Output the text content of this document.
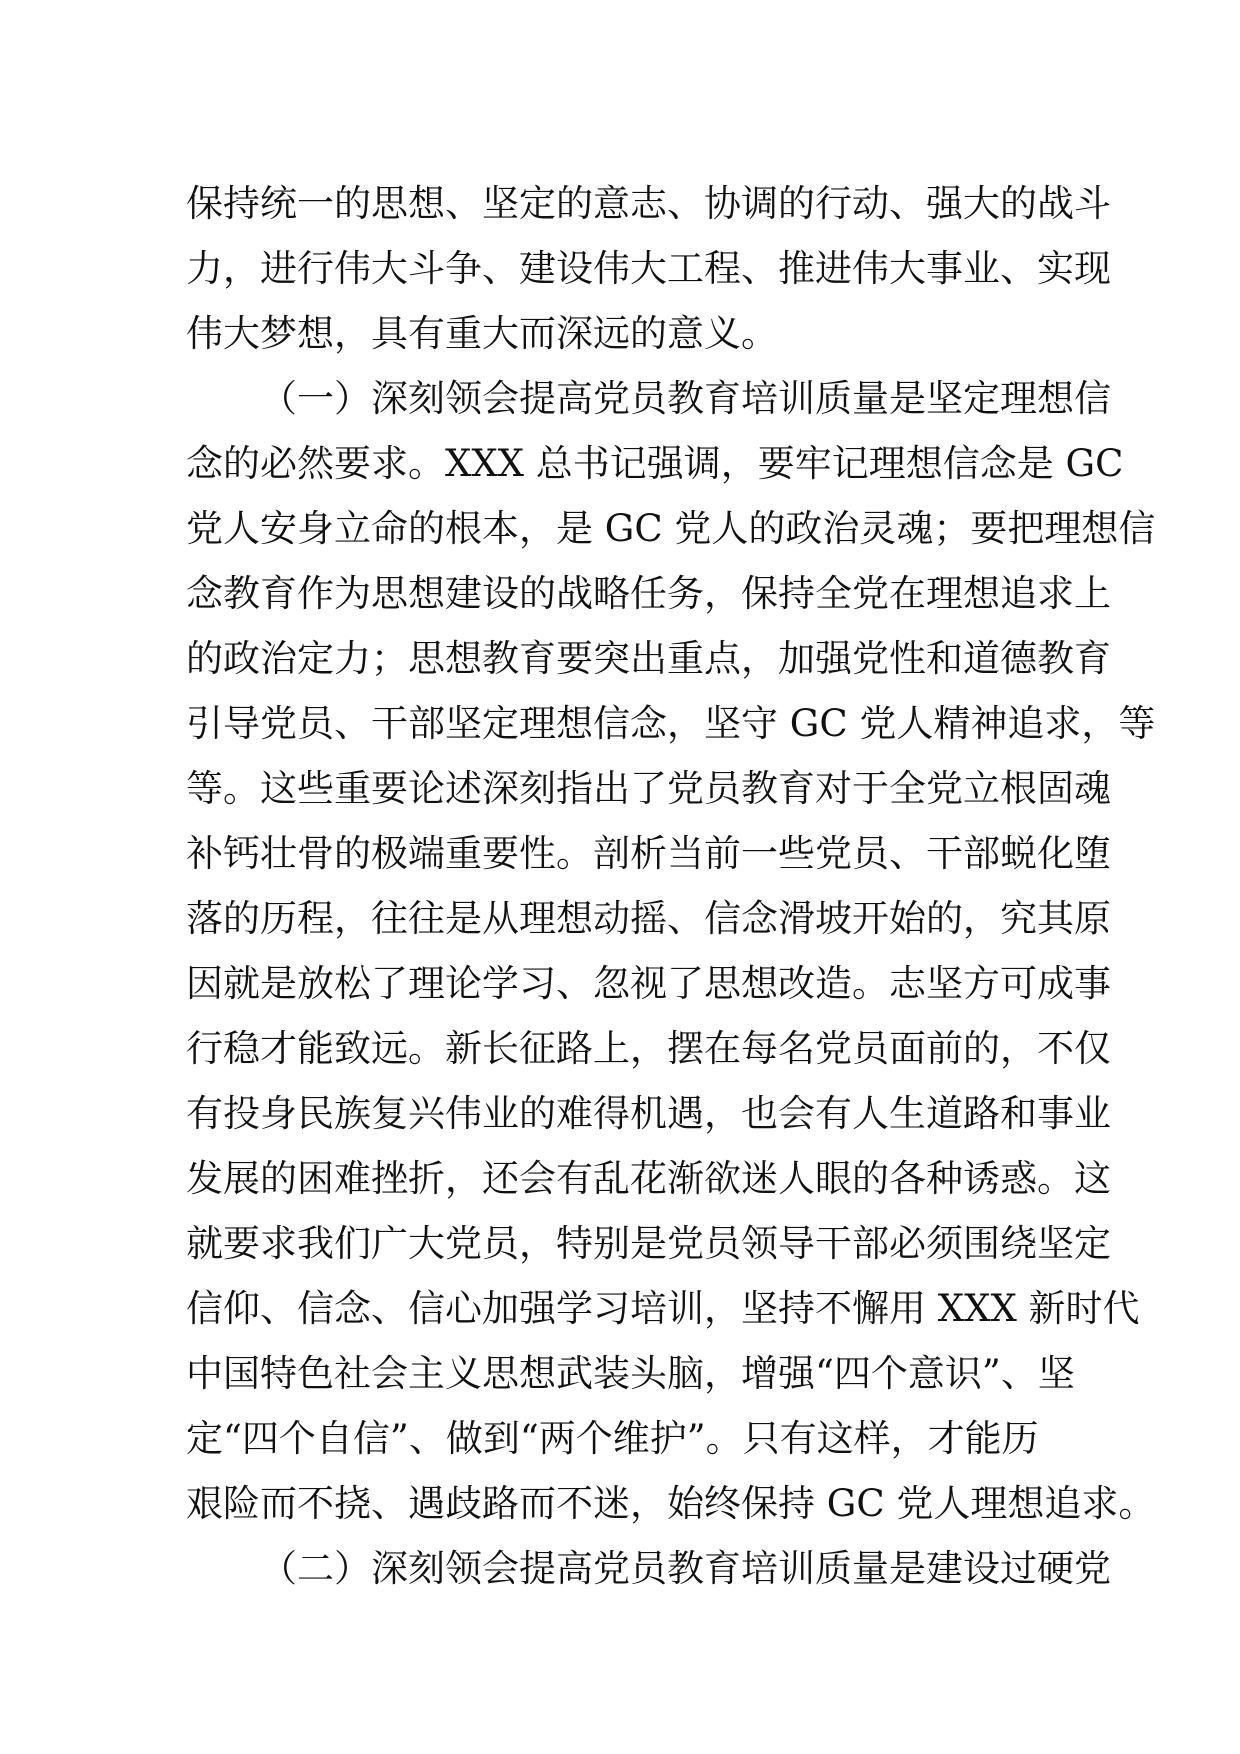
保持统一的思想、坚定的意志、协调的行动、强大的战斗

力，进行伟大斗争、建设伟大工程、推进伟大事业、实现

伟大梦想，具有重大而深远的意义。

（一）深刻领会提高党员教育培训质量是坚定理想信

念的必然要求。XXX 总书记强调，要牢记理想信念是 GC

党人安身立命的根本，是 GC 党人的政治灵魂；要把理想信

念教育作为思想建设的战略任务，保持全党在理想追求上

的政治定力；思想教育要突出重点，加强党性和道德教育

引导党员、干部坚定理想信念，坚守 GC 党人精神追求，等

等。这些重要论述深刻指出了党员教育对于全党立根固魂

补钙壮骨的极端重要性。剖析当前一些党员、干部蜕化堕

落的历程，往往是从理想动摇、信念滑坡开始的，究其原

因就是放松了理论学习、忽视了思想改造。志坚方可成事

行稳才能致远。新长征路上，摆在每名党员面前的，不仅

有投身民族复兴伟业的难得机遇，也会有人生道路和事业

发展的困难挫折，还会有乱花渐欲迷人眼的各种诱惑。这

就要求我们广大党员，特别是党员领导干部必须围绕坚定

信仰、信念、信心加强学习培训，坚持不懈用 XXX 新时代

中国特色社会主义思想武装头脑，增强“四个意识”、坚

定“四个自信”、做到“两个维护”。只有这样，才能历

艰险而不挠、遇歧路而不迷，始终保持 GC 党人理想追求。

（二）深刻领会提高党员教育培训质量是建设过硬党
